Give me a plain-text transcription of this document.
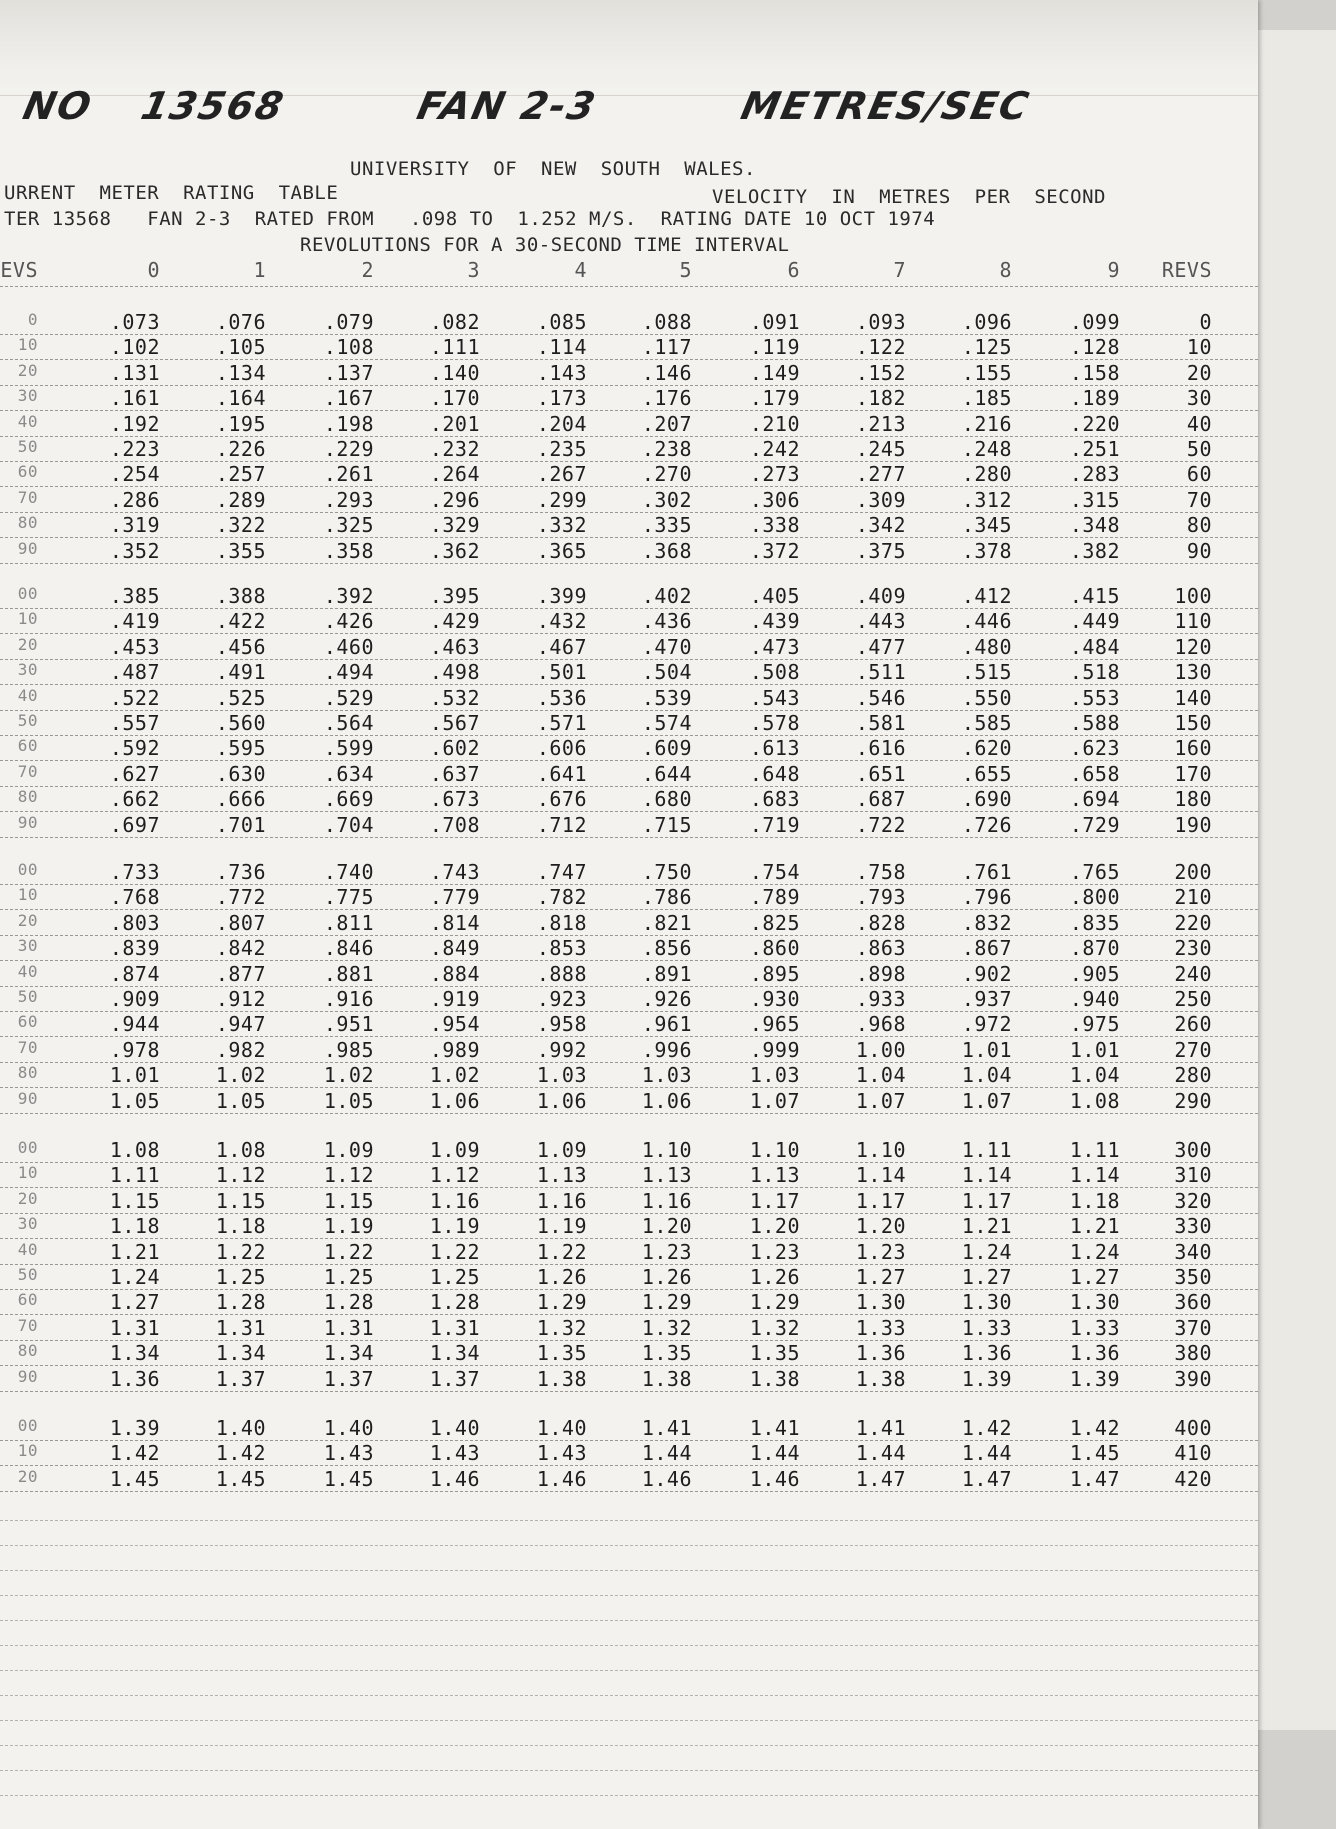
NO 13568	FAN 2-3	METRES/SEC
UNIVERSITY  OF  NEW  SOUTH  WALES.
URRENT  METER  RATING  TABLE	VELOCITY  IN  METRES  PER  SECOND
TER 13568   FAN 2-3  RATED FROM   .098 TO  1.252 M/S.  RATING DATE 10 OCT 1974
REVOLUTIONS FOR A 30-SECOND TIME INTERVAL
EVS	0	1	2	3	4	5	6	7	8	9	REVS
0	.073	.076	.079	.082	.085	.088	.091	.093	.096	.099	0
10	.102	.105	.108	.111	.114	.117	.119	.122	.125	.128	10
20	.131	.134	.137	.140	.143	.146	.149	.152	.155	.158	20
30	.161	.164	.167	.170	.173	.176	.179	.182	.185	.189	30
40	.192	.195	.198	.201	.204	.207	.210	.213	.216	.220	40
50	.223	.226	.229	.232	.235	.238	.242	.245	.248	.251	50
60	.254	.257	.261	.264	.267	.270	.273	.277	.280	.283	60
70	.286	.289	.293	.296	.299	.302	.306	.309	.312	.315	70
80	.319	.322	.325	.329	.332	.335	.338	.342	.345	.348	80
90	.352	.355	.358	.362	.365	.368	.372	.375	.378	.382	90
00	.385	.388	.392	.395	.399	.402	.405	.409	.412	.415	100
10	.419	.422	.426	.429	.432	.436	.439	.443	.446	.449	110
20	.453	.456	.460	.463	.467	.470	.473	.477	.480	.484	120
30	.487	.491	.494	.498	.501	.504	.508	.511	.515	.518	130
40	.522	.525	.529	.532	.536	.539	.543	.546	.550	.553	140
50	.557	.560	.564	.567	.571	.574	.578	.581	.585	.588	150
60	.592	.595	.599	.602	.606	.609	.613	.616	.620	.623	160
70	.627	.630	.634	.637	.641	.644	.648	.651	.655	.658	170
80	.662	.666	.669	.673	.676	.680	.683	.687	.690	.694	180
90	.697	.701	.704	.708	.712	.715	.719	.722	.726	.729	190
00	.733	.736	.740	.743	.747	.750	.754	.758	.761	.765	200
10	.768	.772	.775	.779	.782	.786	.789	.793	.796	.800	210
20	.803	.807	.811	.814	.818	.821	.825	.828	.832	.835	220
30	.839	.842	.846	.849	.853	.856	.860	.863	.867	.870	230
40	.874	.877	.881	.884	.888	.891	.895	.898	.902	.905	240
50	.909	.912	.916	.919	.923	.926	.930	.933	.937	.940	250
60	.944	.947	.951	.954	.958	.961	.965	.968	.972	.975	260
70	.978	.982	.985	.989	.992	.996	.999	1.00	1.01	1.01	270
80	1.01	1.02	1.02	1.02	1.03	1.03	1.03	1.04	1.04	1.04	280
90	1.05	1.05	1.05	1.06	1.06	1.06	1.07	1.07	1.07	1.08	290
00	1.08	1.08	1.09	1.09	1.09	1.10	1.10	1.10	1.11	1.11	300
10	1.11	1.12	1.12	1.12	1.13	1.13	1.13	1.14	1.14	1.14	310
20	1.15	1.15	1.15	1.16	1.16	1.16	1.17	1.17	1.17	1.18	320
30	1.18	1.18	1.19	1.19	1.19	1.20	1.20	1.20	1.21	1.21	330
40	1.21	1.22	1.22	1.22	1.22	1.23	1.23	1.23	1.24	1.24	340
50	1.24	1.25	1.25	1.25	1.26	1.26	1.26	1.27	1.27	1.27	350
60	1.27	1.28	1.28	1.28	1.29	1.29	1.29	1.30	1.30	1.30	360
70	1.31	1.31	1.31	1.31	1.32	1.32	1.32	1.33	1.33	1.33	370
80	1.34	1.34	1.34	1.34	1.35	1.35	1.35	1.36	1.36	1.36	380
90	1.36	1.37	1.37	1.37	1.38	1.38	1.38	1.38	1.39	1.39	390
00	1.39	1.40	1.40	1.40	1.40	1.41	1.41	1.41	1.42	1.42	400
10	1.42	1.42	1.43	1.43	1.43	1.44	1.44	1.44	1.44	1.45	410
20	1.45	1.45	1.45	1.46	1.46	1.46	1.46	1.47	1.47	1.47	420
